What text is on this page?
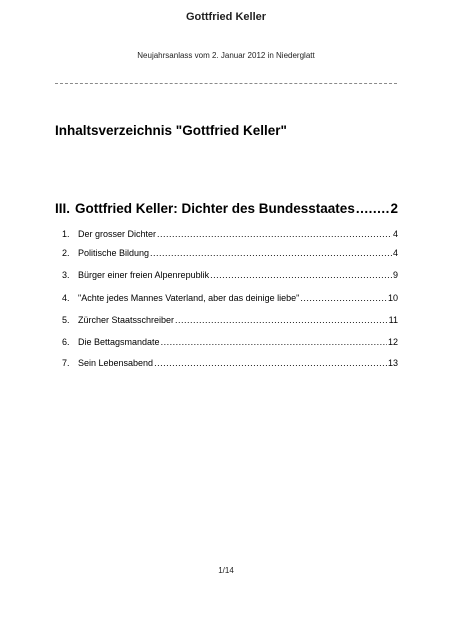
Gottfried Keller
Neujahrsanlass vom 2. Januar 2012 in Niederglatt
Inhaltsverzeichnis "Gottfried Keller"
III. Gottfried Keller: Dichter des Bundesstaates .....	2
1. Der grosser Dichter .....	4
2. Politische Bildung .....	4
3. Bürger einer freien Alpenrepublik .....	9
4. "Achte jedes Mannes Vaterland, aber das deinige liebe" .....	10
5. Zürcher Staatsschreiber .....	11
6. Die Bettagsmandate .....	12
7. Sein Lebensabend .....	13
1/14
